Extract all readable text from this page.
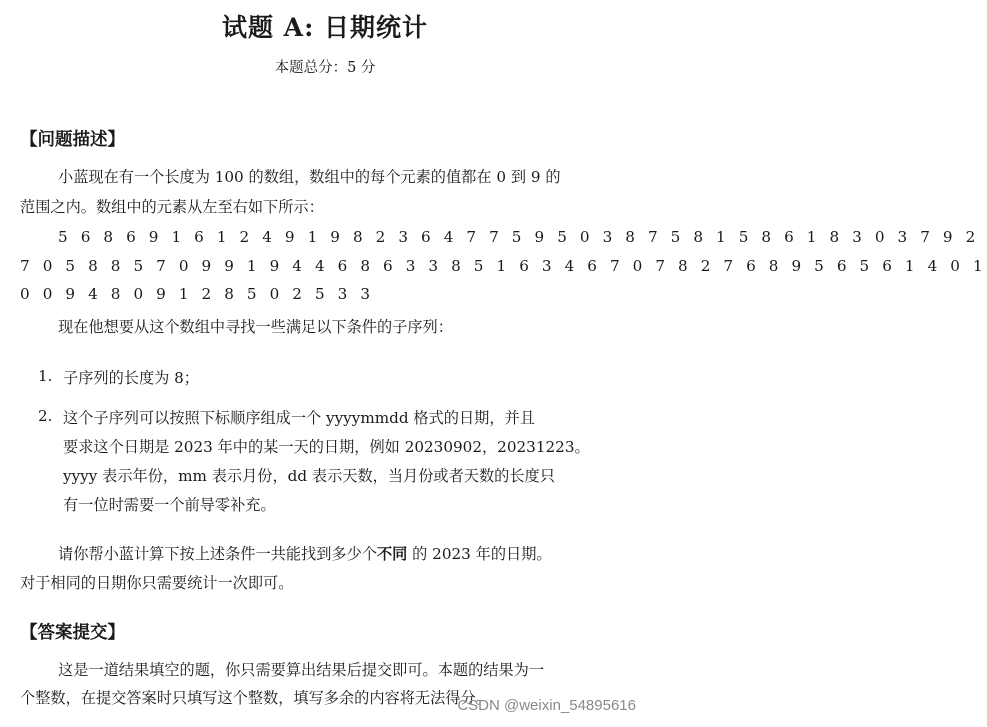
试题 A: 日期统计
本题总分：5 分
【问题描述】
小蓝现在有一个长度为 100 的数组，数组中的每个元素的值都在 0 到 9 的
范围之内。数组中的元素从左至右如下所示：
5 6 8 6 9 1 6 1 2 4 9 1 9 8 2 3 6 4 7 7 5 9 5 0 3 8 7 5 8 1 5 8 6 1 8 3 0 3 7 9 2
7 0 5 8 8 5 7 0 9 9 1 9 4 4 6 8 6 3 3 8 5 1 6 3 4 6 7 0 7 8 2 7 6 8 9 5 6 5 6 1 4 0 1
0 0 9 4 8 0 9 1 2 8 5 0 2 5 3 3
现在他想要从这个数组中寻找一些满足以下条件的子序列：
1. 子序列的长度为 8；
2. 这个子序列可以按照下标顺序组成一个 yyyymmdd 格式的日期，并且
要求这个日期是 2023 年中的某一天的日期，例如 20230902，20231223。
yyyy 表示年份，mm 表示月份，dd 表示天数，当月份或者天数的长度只
有一位时需要一个前导零补充。
请你帮小蓝计算下按上述条件一共能找到多少个不同 的 2023 年的日期。
对于相同的日期你只需要统计一次即可。
【答案提交】
这是一道结果填空的题，你只需要算出结果后提交即可。本题的结果为一
个整数，在提交答案时只填写这个整数，填写多余的内容将无法得分。
CSDN @weixin_54895616
